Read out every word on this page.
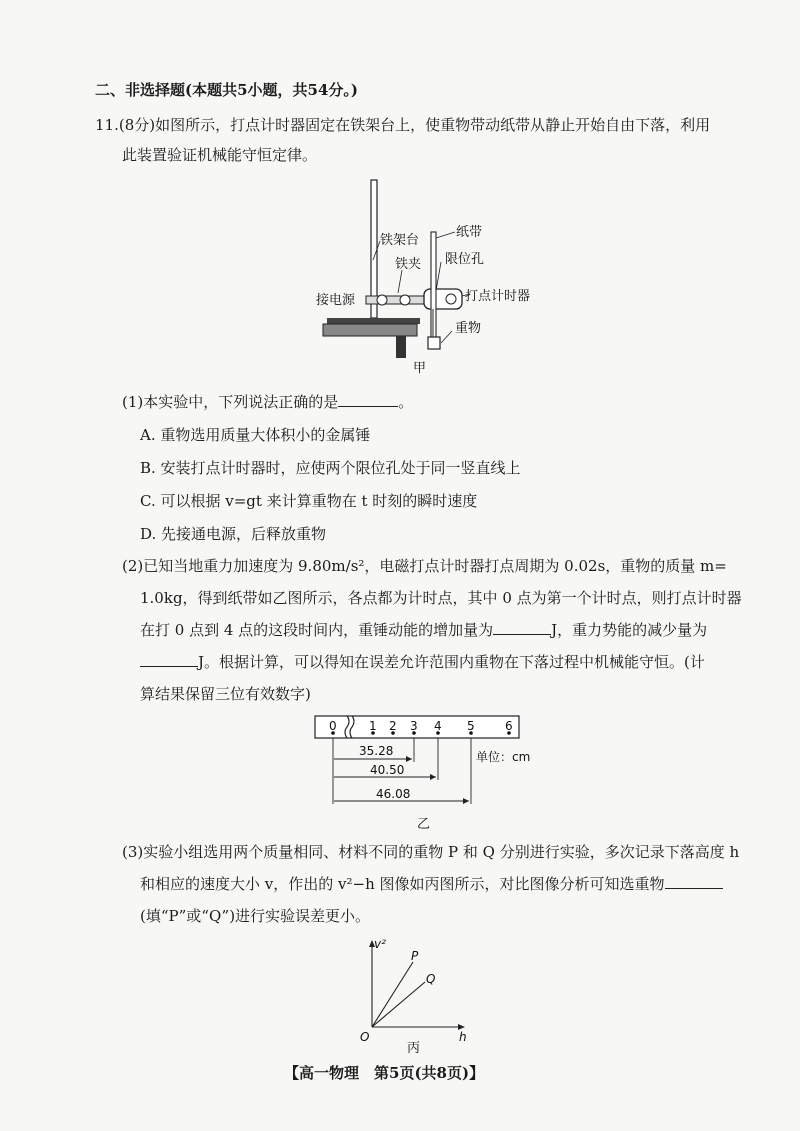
二、非选择题(本题共5小题，共54分。)
11.(8分)如图所示，打点计时器固定在铁架台上，使重物带动纸带从静止开始自由下落，利用
此装置验证机械能守恒定律。
铁架台
铁夹
纸带
限位孔
接电源	打点计时器
重物
甲
(1)本实验中，下列说法正确的是	。
A. 重物选用质量大体积小的金属锤
B. 安装打点计时器时，应使两个限位孔处于同一竖直线上
C. 可以根据 v=gt 来计算重物在 t 时刻的瞬时速度
D. 先接通电源，后释放重物
(2)已知当地重力加速度为 9.80m/s²，电磁打点计时器打点周期为 0.02s，重物的质量 m=
1.0kg，得到纸带如乙图所示，各点都为计时点，其中 0 点为第一个计时点，则打点计时器
在打 0 点到 4 点的这段时间内，重锤动能的增加量为	J，重力势能的减少量为
J。根据计算，可以得知在误差允许范围内重物在下落过程中机械能守恒。(计
算结果保留三位有效数字)
0	1 2 3 4 5	6
35.28
40.50
46.08
单位：cm
乙
(3)实验小组选用两个质量相同、材料不同的重物 P 和 Q 分别进行实验，多次记录下落高度 h
和相应的速度大小 v，作出的 v²−h 图像如丙图所示，对比图像分析可知选重物
(填“P”或“Q”)进行实验误差更小。
v²
h
O
P
Q
丙
【高一物理　第5页(共8页)】
